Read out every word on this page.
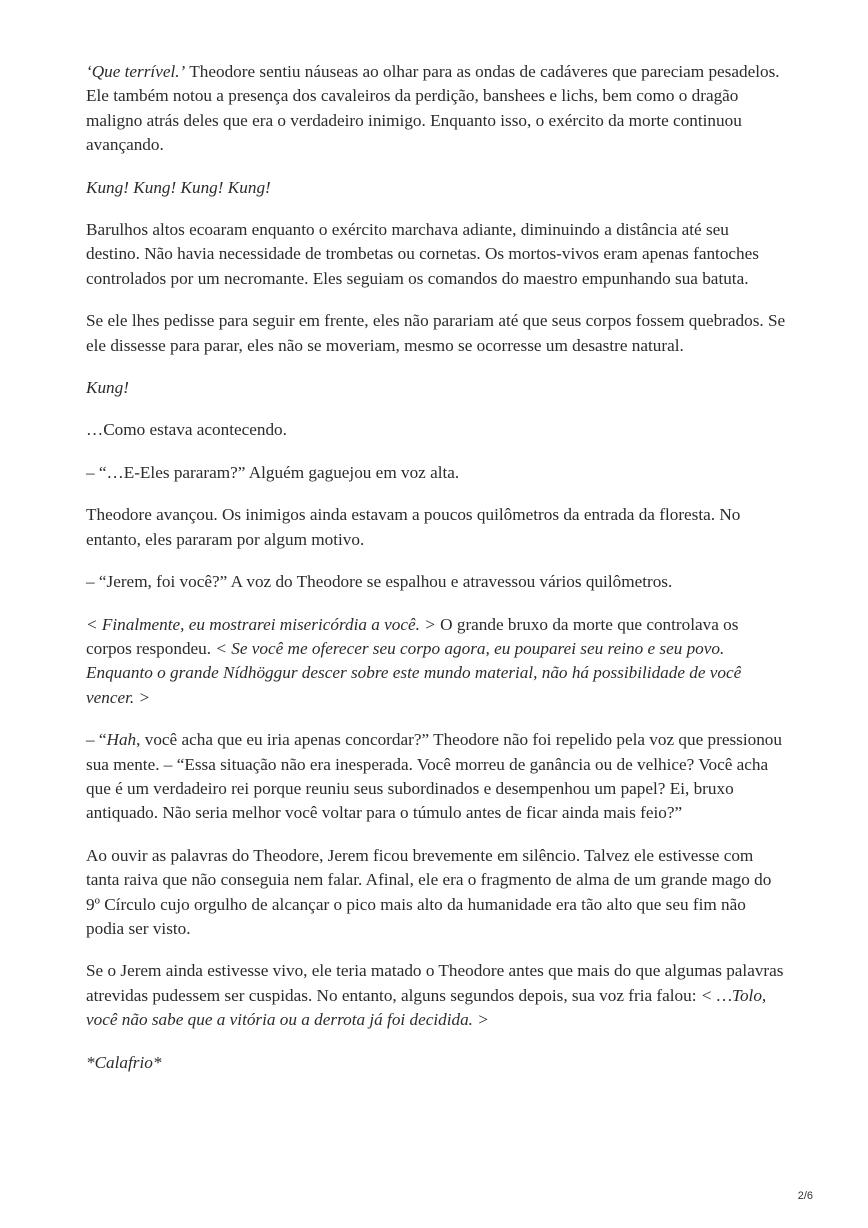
‘Que terrível.’ Theodore sentiu náuseas ao olhar para as ondas de cadáveres que pareciam pesadelos. Ele também notou a presença dos cavaleiros da perdição, banshees e lichs, bem como o dragão maligno atrás deles que era o verdadeiro inimigo. Enquanto isso, o exército da morte continuou avançando.

Kung! Kung! Kung! Kung!

Barulhos altos ecoaram enquanto o exército marchava adiante, diminuindo a distância até seu destino. Não havia necessidade de trombetas ou cornetas. Os mortos-vivos eram apenas fantoches controlados por um necromante. Eles seguiam os comandos do maestro empunhando sua batuta.

Se ele lhes pedisse para seguir em frente, eles não parariam até que seus corpos fossem quebrados. Se ele dissesse para parar, eles não se moveriam, mesmo se ocorresse um desastre natural.

Kung!

…Como estava acontecendo.

– “…E-Eles pararam?” Alguém gaguejou em voz alta.

Theodore avançou. Os inimigos ainda estavam a poucos quilômetros da entrada da floresta. No entanto, eles pararam por algum motivo.

– “Jerem, foi você?” A voz do Theodore se espalhou e atravessou vários quilômetros.

< Finalmente, eu mostrarei misericórdia a você. > O grande bruxo da morte que controlava os corpos respondeu. < Se você me oferecer seu corpo agora, eu pouparei seu reino e seu povo. Enquanto o grande Nídhöggur descer sobre este mundo material, não há possibilidade de você vencer. >

– “Hah, você acha que eu iria apenas concordar?” Theodore não foi repelido pela voz que pressionou sua mente. – “Essa situação não era inesperada. Você morreu de ganância ou de velhice? Você acha que é um verdadeiro rei porque reuniu seus subordinados e desempenhou um papel? Ei, bruxo antiquado. Não seria melhor você voltar para o túmulo antes de ficar ainda mais feio?”

Ao ouvir as palavras do Theodore, Jerem ficou brevemente em silêncio. Talvez ele estivesse com tanta raiva que não conseguia nem falar. Afinal, ele era o fragmento de alma de um grande mago do 9º Círculo cujo orgulho de alcançar o pico mais alto da humanidade era tão alto que seu fim não podia ser visto.

Se o Jerem ainda estivesse vivo, ele teria matado o Theodore antes que mais do que algumas palavras atrevidas pudessem ser cuspidas. No entanto, alguns segundos depois, sua voz fria falou: < …Tolo, você não sabe que a vitória ou a derrota já foi decidida. >

*Calafrio*

2/6
